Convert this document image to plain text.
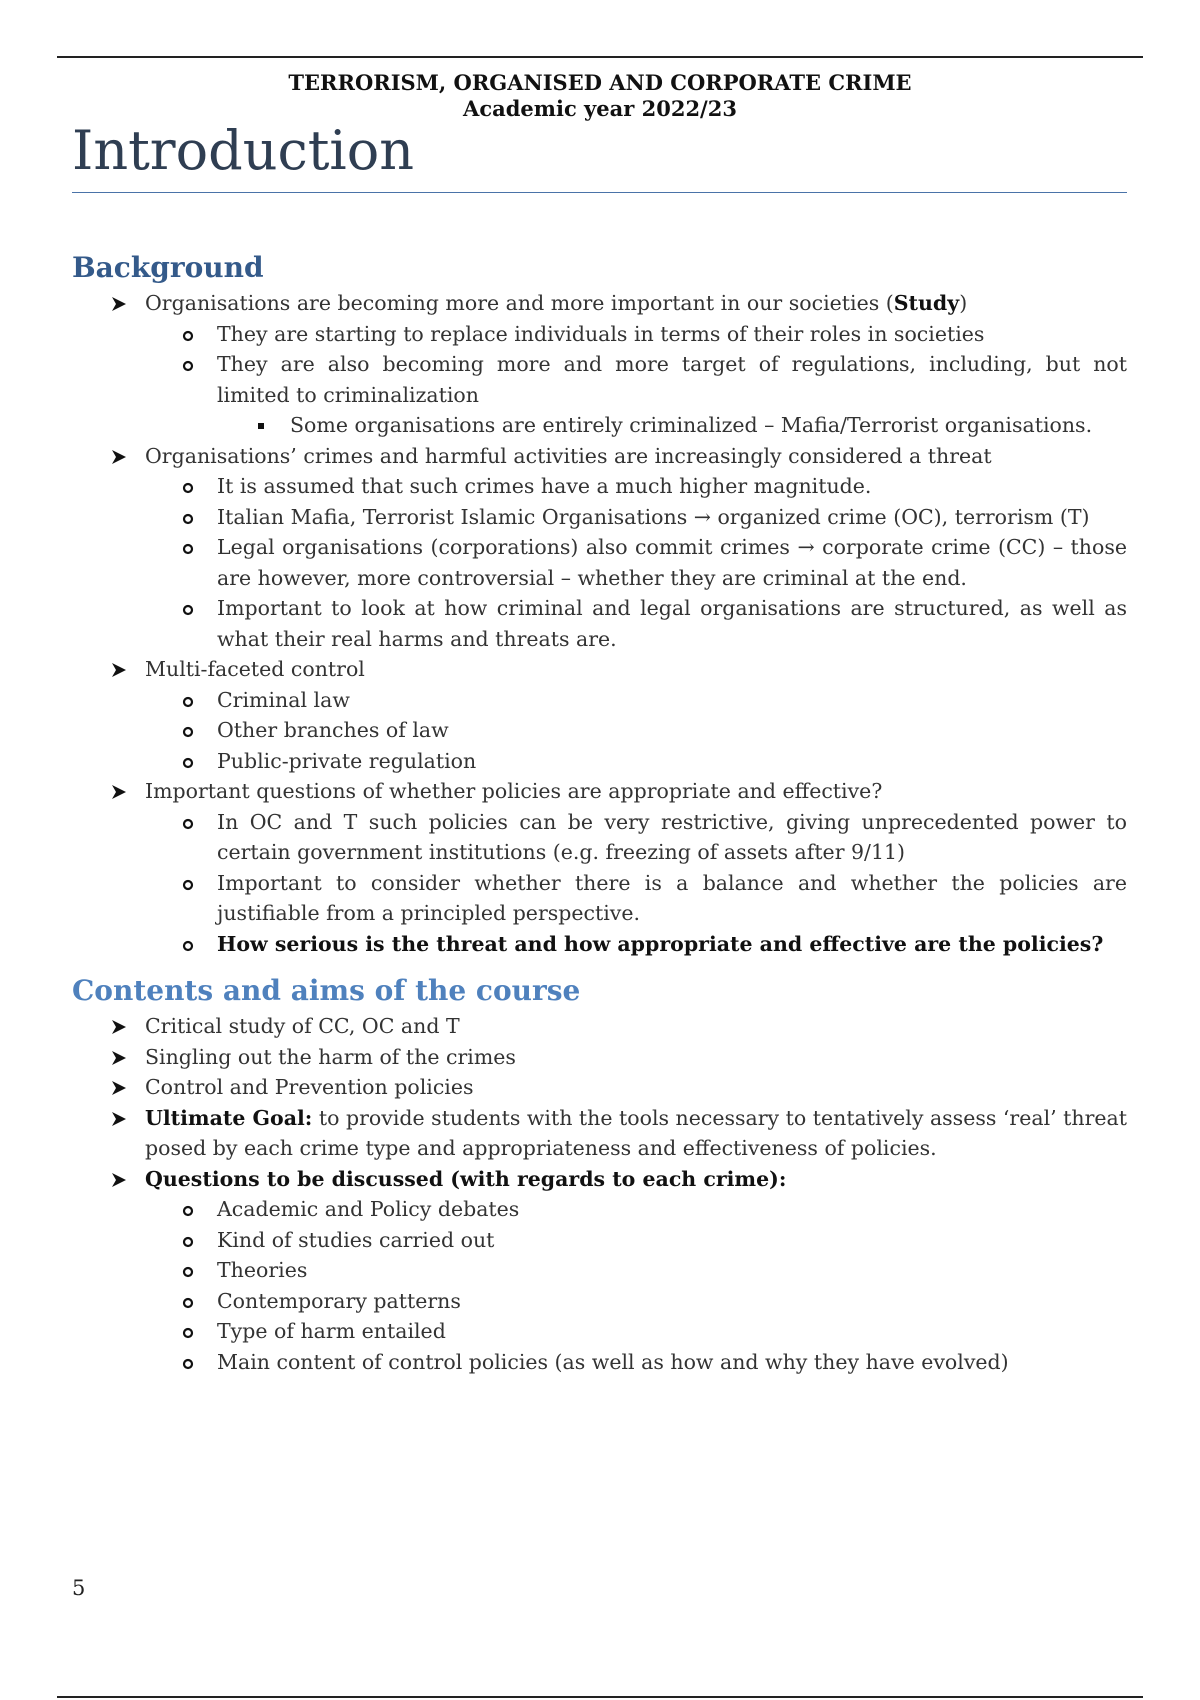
TERRORISM, ORGANISED AND CORPORATE CRIME
Academic year 2022/23
Introduction
Background
Organisations are becoming more and more important in our societies (Study)
They are starting to replace individuals in terms of their roles in societies
They are also becoming more and more target of regulations, including, but not limited to criminalization
Some organisations are entirely criminalized – Mafia/Terrorist organisations.
Organisations’ crimes and harmful activities are increasingly considered a threat
It is assumed that such crimes have a much higher magnitude.
Italian Mafia, Terrorist Islamic Organisations → organized crime (OC), terrorism (T)
Legal organisations (corporations) also commit crimes → corporate crime (CC) – those are however, more controversial – whether they are criminal at the end.
Important to look at how criminal and legal organisations are structured, as well as what their real harms and threats are.
Multi-faceted control
Criminal law
Other branches of law
Public-private regulation
Important questions of whether policies are appropriate and effective?
In OC and T such policies can be very restrictive, giving unprecedented power to certain government institutions (e.g. freezing of assets after 9/11)
Important to consider whether there is a balance and whether the policies are justifiable from a principled perspective.
How serious is the threat and how appropriate and effective are the policies?
Contents and aims of the course
Critical study of CC, OC and T
Singling out the harm of the crimes
Control and Prevention policies
Ultimate Goal: to provide students with the tools necessary to tentatively assess ‘real’ threat posed by each crime type and appropriateness and effectiveness of policies.
Questions to be discussed (with regards to each crime):
Academic and Policy debates
Kind of studies carried out
Theories
Contemporary patterns
Type of harm entailed
Main content of control policies (as well as how and why they have evolved)
5
